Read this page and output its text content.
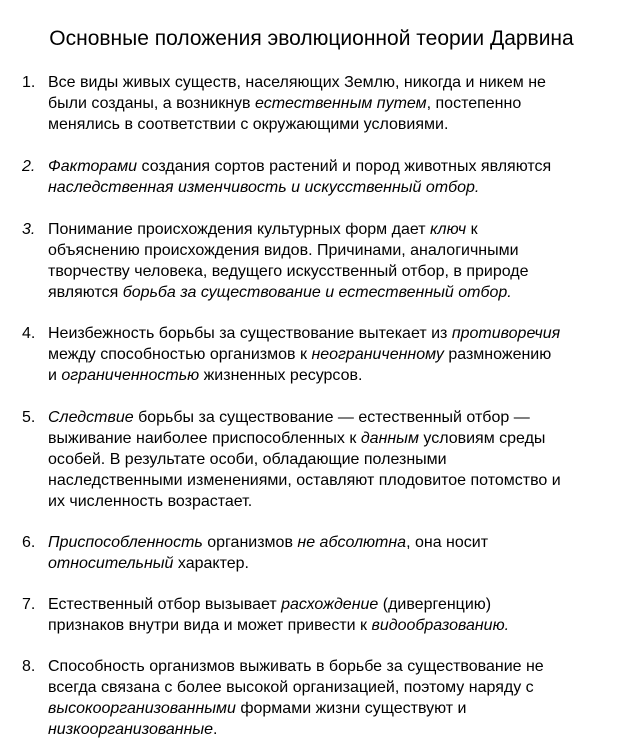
Основные положения эволюционной теории Дарвина
1. Все виды живых существ, населяющих Землю, никогда и никем не
были созданы, а возникнув естественным путем, постепенно
менялись в соответствии с окружающими условиями.
2. Факторами создания сортов растений и пород животных являются
наследственная изменчивость и искусственный отбор.
3. Понимание происхождения культурных форм дает ключ к
объяснению происхождения видов. Причинами, аналогичными
творчеству человека, ведущего искусственный отбор, в природе
являются борьба за существование и естественный отбор.
4. Неизбежность борьбы за существование вытекает из противоречия
между способностью организмов к неограниченному размножению
и ограниченностью жизненных ресурсов.
5. Следствие борьбы за существование — естественный отбор —
выживание наиболее приспособленных к данным условиям среды
особей. В результате особи, обладающие полезными
наследственными изменениями, оставляют плодовитое потомство и
их численность возрастает.
6. Приспособленность организмов не абсолютна, она носит
относительный характер.
7. Естественный отбор вызывает расхождение (дивергенцию)
признаков внутри вида и может привести к видообразованию.
8. Способность организмов выживать в борьбе за существование не
всегда связана с более высокой организацией, поэтому наряду с
высокоорганизованными формами жизни существуют и
низкоорганизованные.
